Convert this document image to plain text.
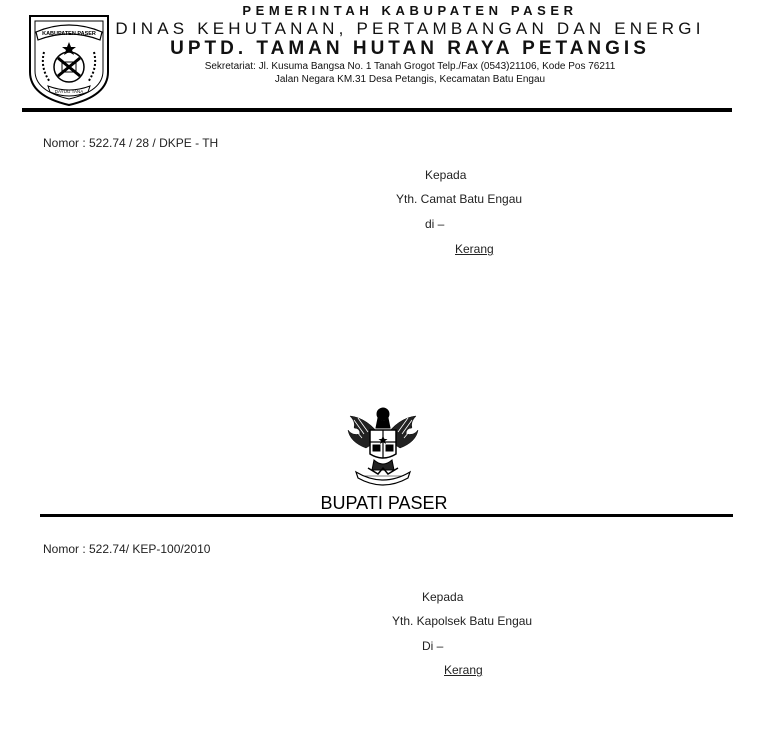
KABUPATEN PASER
DAYUG TANA
PEMERINTAH KABUPATEN PASER
DINAS KEHUTANAN, PERTAMBANGAN DAN ENERGI
UPTD. TAMAN HUTAN RAYA PETANGIS
Sekretariat: Jl. Kusuma Bangsa No. 1 Tanah Grogot Telp./Fax (0543)21106, Kode Pos 76211
Jalan Negara KM.31 Desa Petangis, Kecamatan Batu Engau
Nomor : 522.74 / 28 / DKPE - TH
Kepada
Yth. Camat Batu Engau
di –
Kerang
BUPATI PASER
Nomor : 522.74/ KEP-100/2010
Kepada
Yth. Kapolsek Batu Engau
Di –
Kerang
